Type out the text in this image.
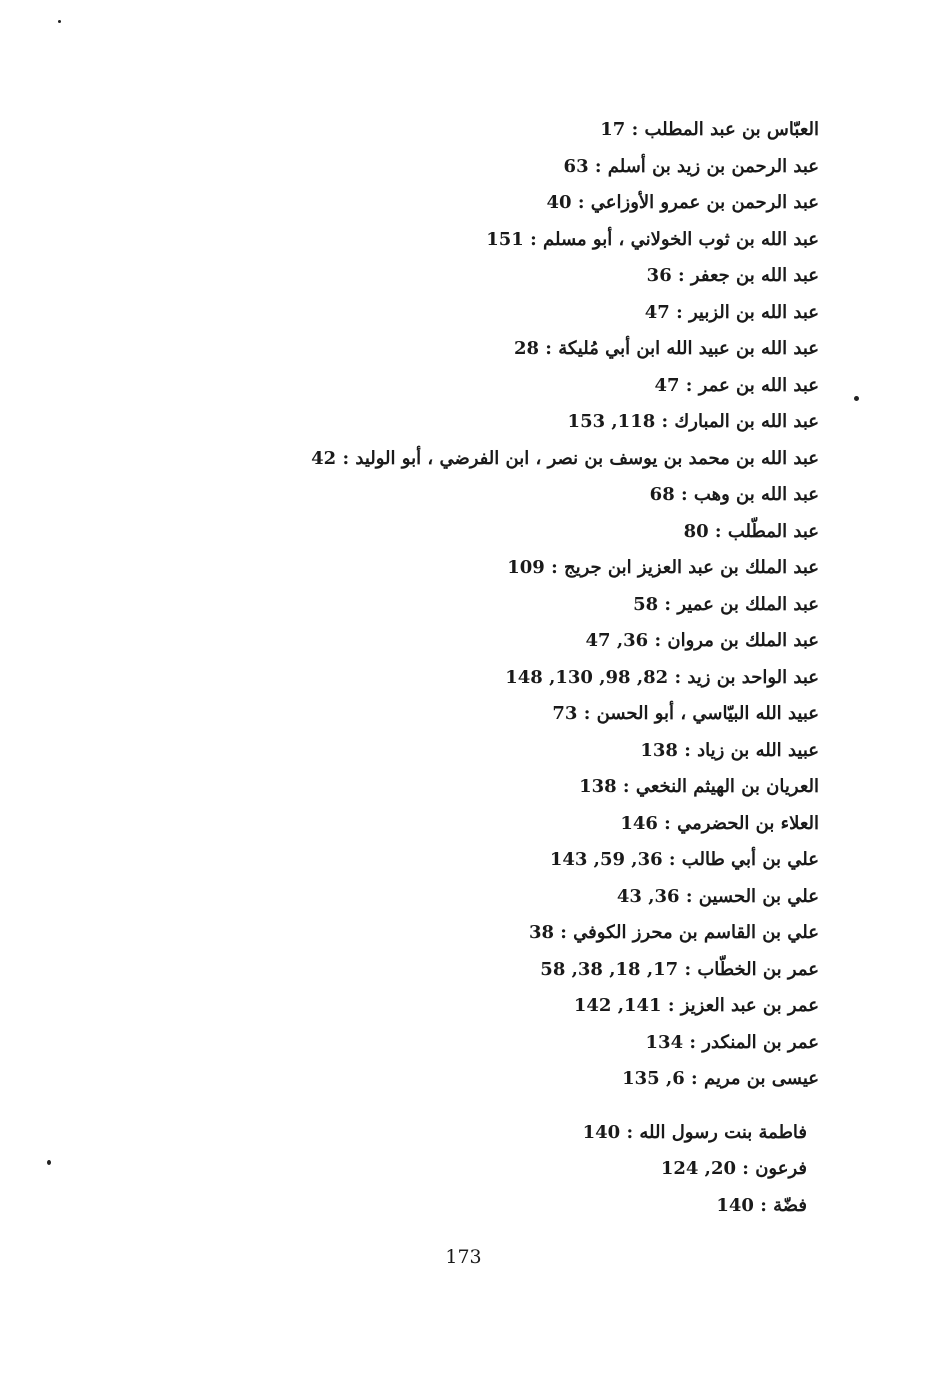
العبّاس بن عبد المطلب : 17
عبد الرحمن بن زيد بن أسلم : 63
عبد الرحمن بن عمرو الأوزاعي : 40
عبد الله بن ثوب الخولاني ، أبو مسلم : 151
عبد الله بن جعفر : 36
عبد الله بن الزبير : 47
عبد الله بن عبيد الله ابن أبي مُليكة : 28
عبد الله بن عمر : 47
عبد الله بن المبارك : 118, 153
عبد الله بن محمد بن يوسف بن نصر ، ابن الفرضي ، أبو الوليد : 42
عبد الله بن وهب : 68
عبد المطّلب : 80
عبد الملك بن عبد العزيز ابن جريج : 109
عبد الملك بن عمير : 58
عبد الملك بن مروان : 36, 47
عبد الواحد بن زيد : 82, 98, 130, 148
عبيد الله البيّاسي ، أبو الحسن : 73
عبيد الله بن زياد : 138
العريان بن الهيثم النخعي : 138
العلاء بن الحضرمي : 146
علي بن أبي طالب : 36, 59, 143
علي بن الحسين : 36, 43
علي بن القاسم بن محرز الكوفي : 38
عمر بن الخطّاب : 17, 18, 38, 58
عمر بن عبد العزيز : 141, 142
عمر بن المنكدر : 134
عيسى بن مريم : 6, 135
فاطمة بنت رسول الله : 140
فرعون : 20, 124
فضّة : 140
173
